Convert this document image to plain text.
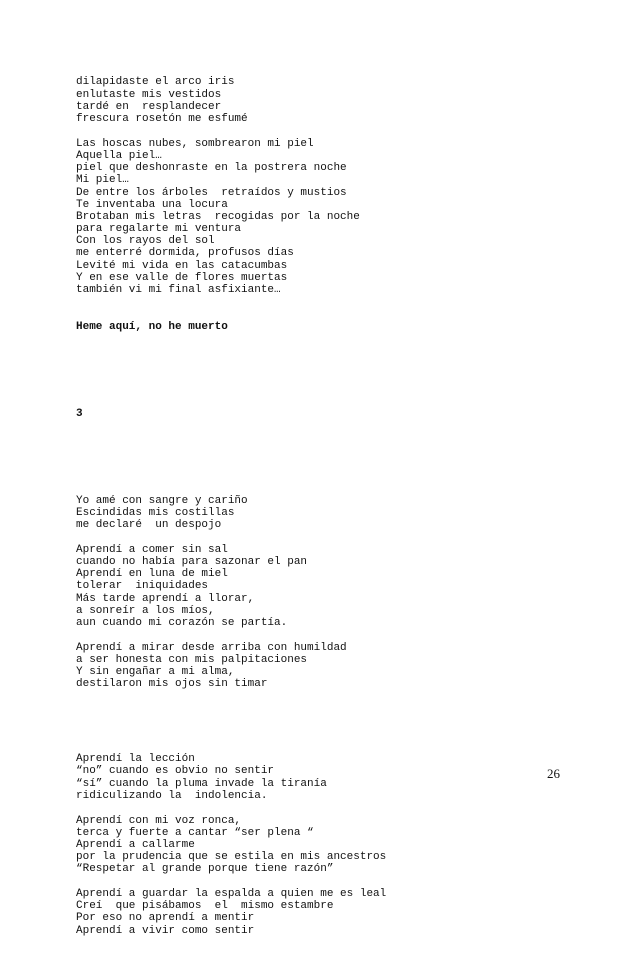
dilapidaste el arco iris
enlutaste mis vestidos
tardé en  resplandecer
frescura rosetón me esfumé
Las hoscas nubes, sombrearon mi piel
Aquella piel…
piel que deshonraste en la postrera noche
Mi piel…
De entre los árboles  retraídos y mustios
Te inventaba una locura
Brotaban mis letras  recogidas por la noche
para regalarte mi ventura
Con los rayos del sol
me enterré dormida, profusos días
Levité mi vida en las catacumbas
Y en ese valle de flores muertas
también vi mi final asfixiante…

Heme aquí, no he muerto

3

Yo amé con sangre y cariño
Escindidas mis costillas
me declaré  un despojo
Aprendí a comer sin sal
cuando no había para sazonar el pan
Aprendí en luna de miel
tolerar  iniquidades
Más tarde aprendí a llorar,
a sonreír a los míos,
aun cuando mi corazón se partía.
Aprendí a mirar desde arriba con humildad
a ser honesta con mis palpitaciones
Y sin engañar a mi alma,
destilaron mis ojos sin timar

Aprendí la lección
“no” cuando es obvio no sentir
“sí” cuando la pluma invade la tiranía
ridiculizando la  indolencia.
Aprendí con mi voz ronca,
terca y fuerte a cantar “ser plena “
Aprendí a callarme
por la prudencia que se estila en mis ancestros
“Respetar al grande porque tiene razón”
Aprendí a guardar la espalda a quien me es leal
Creí  que pisábamos  el  mismo estambre
Por eso no aprendí a mentir
Aprendí a vivir como sentir

26
